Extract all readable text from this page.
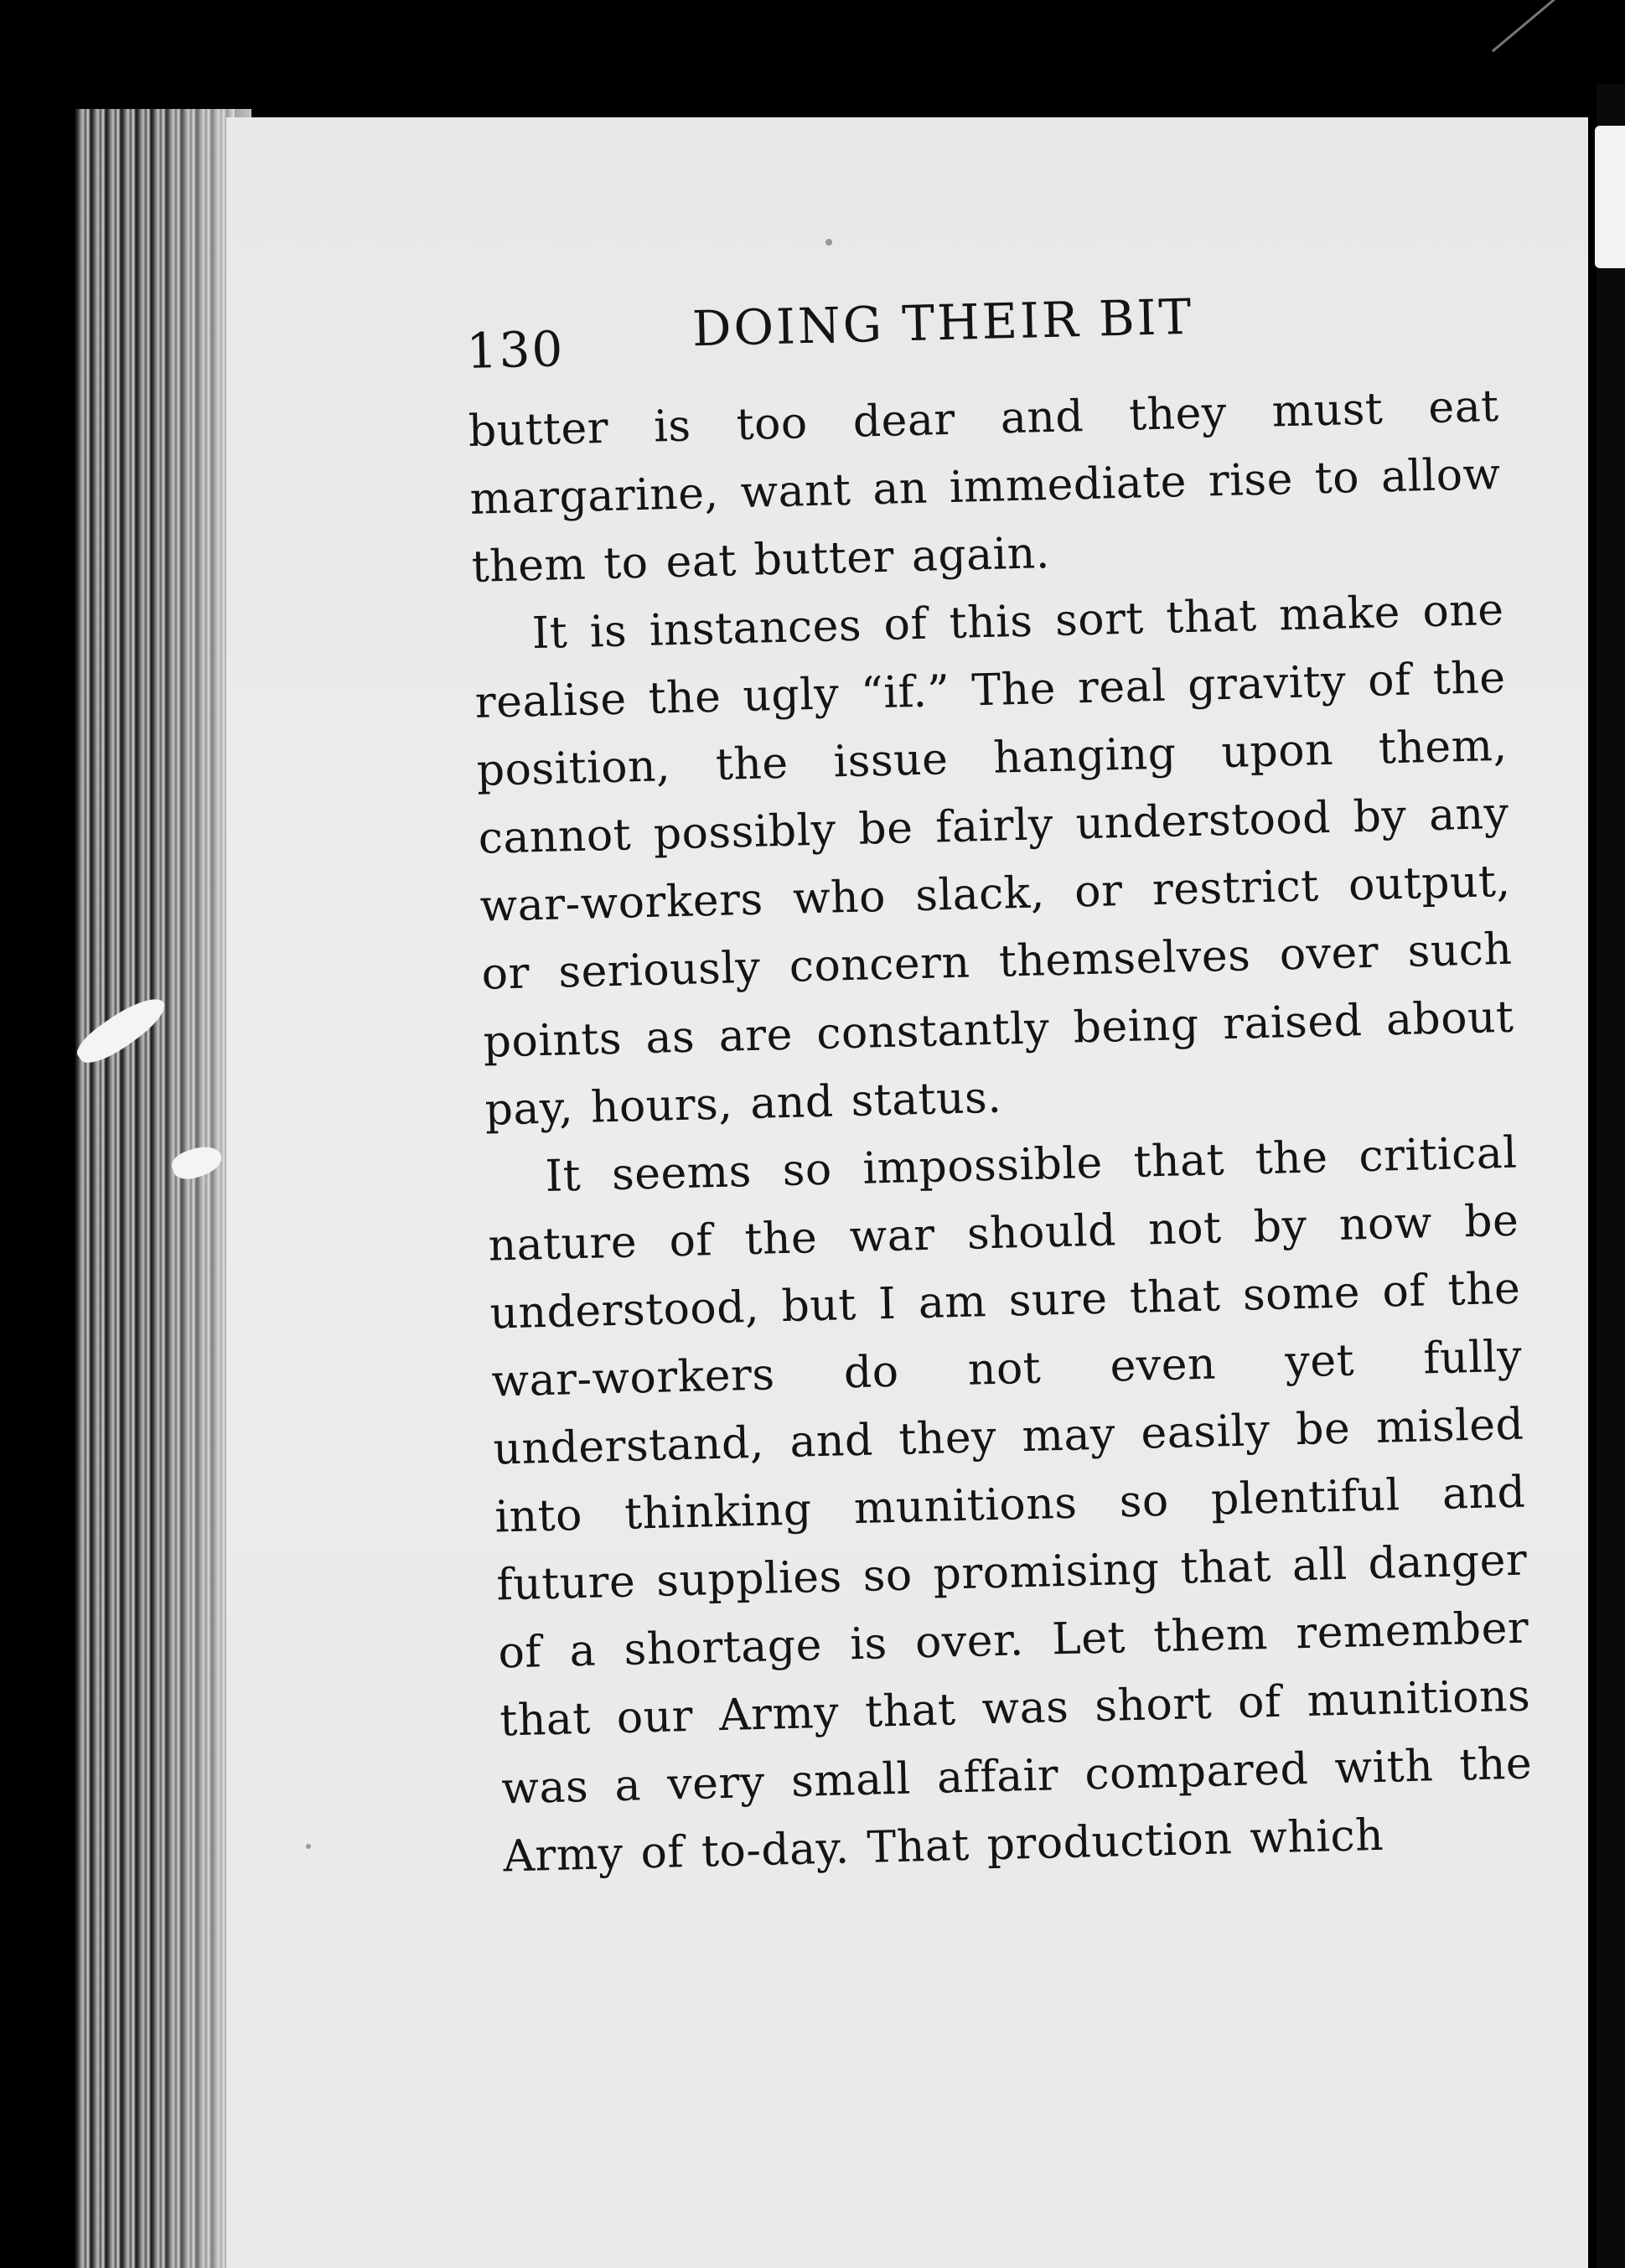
130	DOING THEIR BIT

butter is too dear and they must eat margarine, want an immediate rise to allow them to eat butter again.

It is instances of this sort that make one realise the ugly “if.” The real gravity of the position, the issue hanging upon them, cannot possibly be fairly understood by any war-workers who slack, or restrict output, or seriously concern themselves over such points as are constantly being raised about pay, hours, and status.

It seems so impossible that the critical nature of the war should not by now be understood, but I am sure that some of the war-workers do not even yet fully understand, and they may easily be misled into thinking munitions so plentiful and future supplies so promising that all danger of a shortage is over. Let them remember that our Army that was short of munitions was a very small affair compared with the Army of to-day. That production which
